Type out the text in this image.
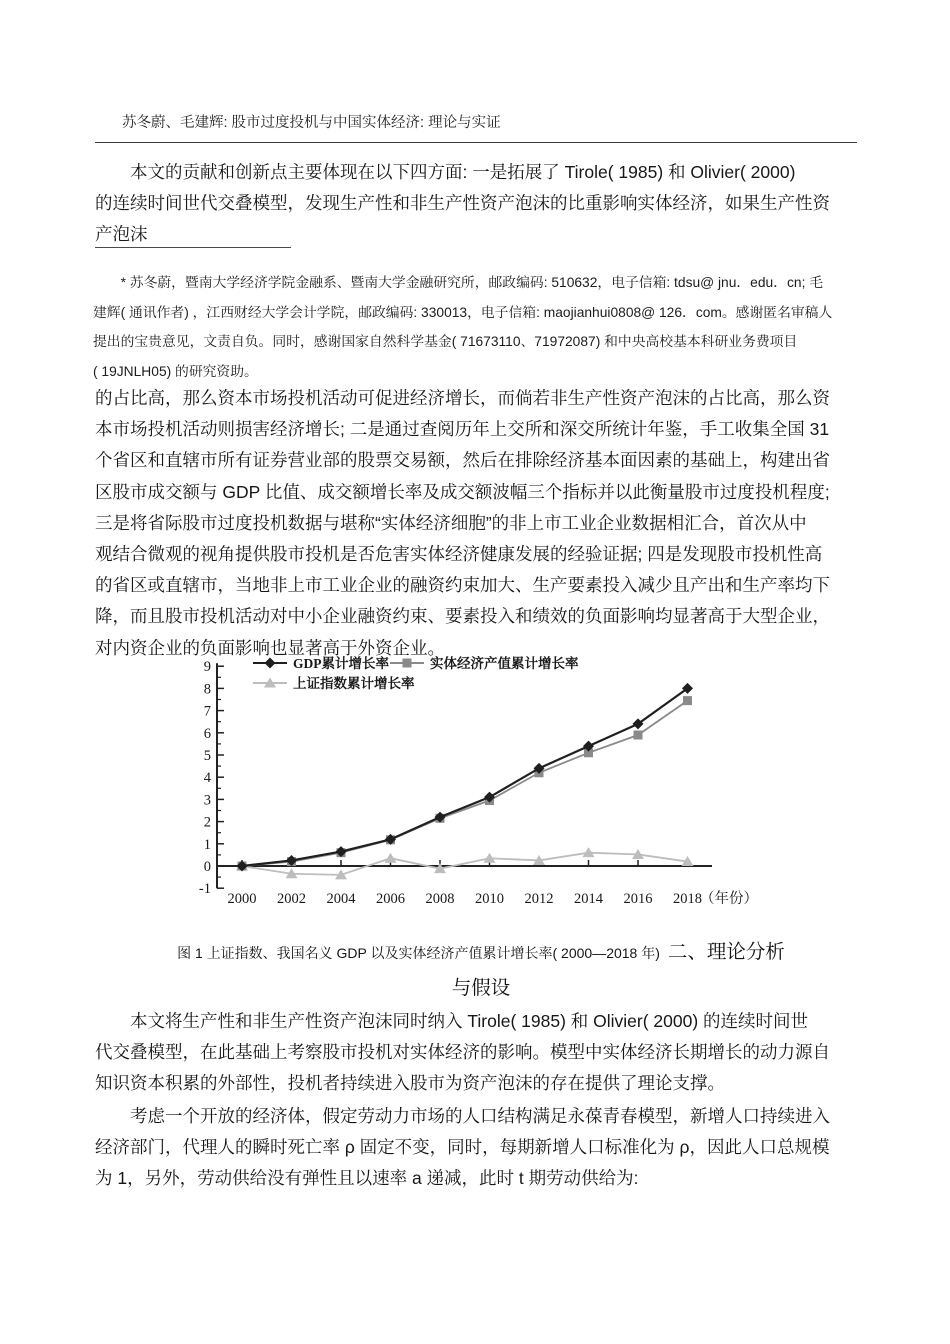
苏冬蔚、毛建辉: 股市过度投机与中国实体经济: 理论与实证
　　本文的贡献和创新点主要体现在以下四方面: 一是拓展了 Tirole( 1985) 和 Olivier( 2000)
的连续时间世代交叠模型，发现生产性和非生产性资产泡沫的比重影响实体经济，如果生产性资
产泡沫
　　* 苏冬蔚，暨南大学经济学院金融系、暨南大学金融研究所，邮政编码: 510632，电子信箱: tdsu@ jnu．edu．cn; 毛
建辉( 通讯作者) ，江西财经大学会计学院，邮政编码: 330013，电子信箱: maojianhui0808@ 126．com。感谢匿名审稿人
提出的宝贵意见，文责自负。同时，感谢国家自然科学基金( 71673110、71972087) 和中央高校基本科研业务费项目
( 19JNLH05) 的研究资助。
的占比高，那么资本市场投机活动可促进经济增长，而倘若非生产性资产泡沫的占比高，那么资
本市场投机活动则损害经济增长; 二是通过查阅历年上交所和深交所统计年鉴，手工收集全国 31
个省区和直辖市所有证券营业部的股票交易额，然后在排除经济基本面因素的基础上，构建出省
区股市成交额与 GDP 比值、成交额增长率及成交额波幅三个指标并以此衡量股市过度投机程度;
三是将省际股市过度投机数据与堪称“实体经济细胞”的非上市工业企业数据相汇合，首次从中
观结合微观的视角提供股市投机是否危害实体经济健康发展的经验证据; 四是发现股市投机性高
的省区或直辖市，当地非上市工业企业的融资约束加大、生产要素投入减少且产出和生产率均下
降，而且股市投机活动对中小企业融资约束、要素投入和绩效的负面影响均显著高于大型企业，
对内资企业的负面影响也显著高于外资企业。
-1
0
1
2
3
4
5
6
7
8
9
2000 2002 2004 2006 2008 2010 2012 2014 2016 2018
（年份）
GDP累计增长率	实体经济产值累计增长率
上证指数累计增长率
图 1 上证指数、我国名义 GDP 以及实体经济产值累计增长率( 2000—2018 年) 二、理论分析
与假设
　　本文将生产性和非生产性资产泡沫同时纳入 Tirole( 1985) 和 Olivier( 2000) 的连续时间世
代交叠模型，在此基础上考察股市投机对实体经济的影响。模型中实体经济长期增长的动力源自
知识资本积累的外部性，投机者持续进入股市为资产泡沫的存在提供了理论支撑。
　　考虑一个开放的经济体，假定劳动力市场的人口结构满足永葆青春模型，新增人口持续进入
经济部门，代理人的瞬时死亡率 ρ 固定不变，同时，每期新增人口标准化为 ρ，因此人口总规模
为 1，另外，劳动供给没有弹性且以速率 a 递减，此时 t 期劳动供给为:
